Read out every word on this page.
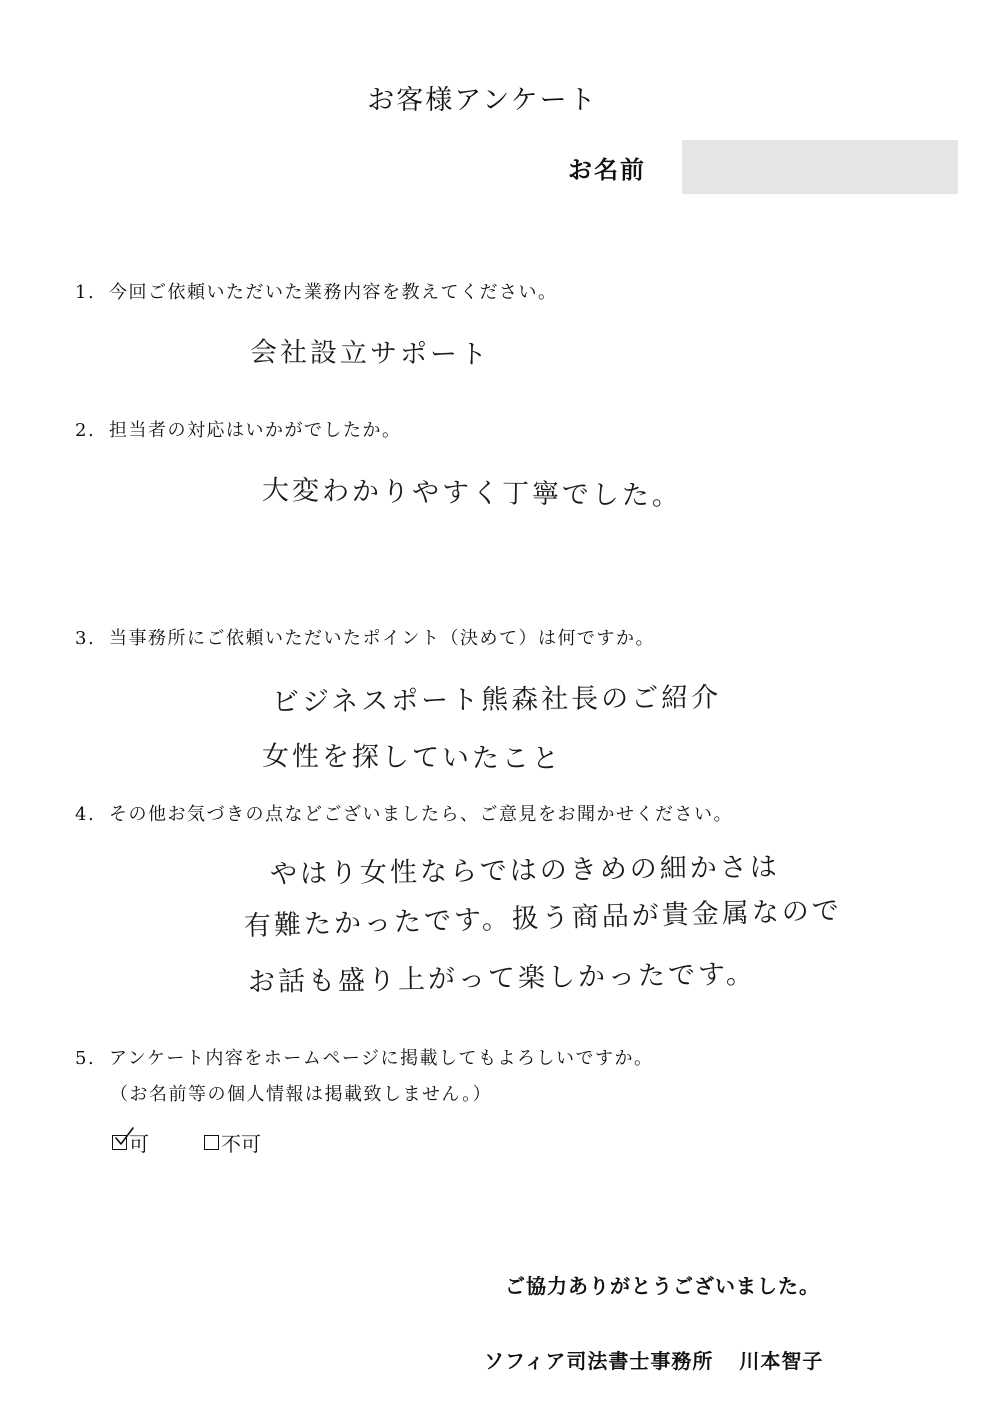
お客様アンケート
お名前
1. 今回ご依頼いただいた業務内容を教えてください。
会社設立サポート
2. 担当者の対応はいかがでしたか。
大変わかりやすく丁寧でした。
3. 当事務所にご依頼いただいたポイント（決めて）は何ですか。
ビジネスポート熊森社長のご紹介
女性を探していたこと
4. その他お気づきの点などございましたら、ご意見をお聞かせください。
やはり女性ならではのきめの細かさは
有難たかったです。扱う商品が貴金属なので
お話も盛り上がって楽しかったです。
5. アンケート内容をホームページに掲載してもよろしいですか。
（お名前等の個人情報は掲載致しません。）
可	不可
ご協力ありがとうございました。
ソフィア司法書士事務所 川本智子
